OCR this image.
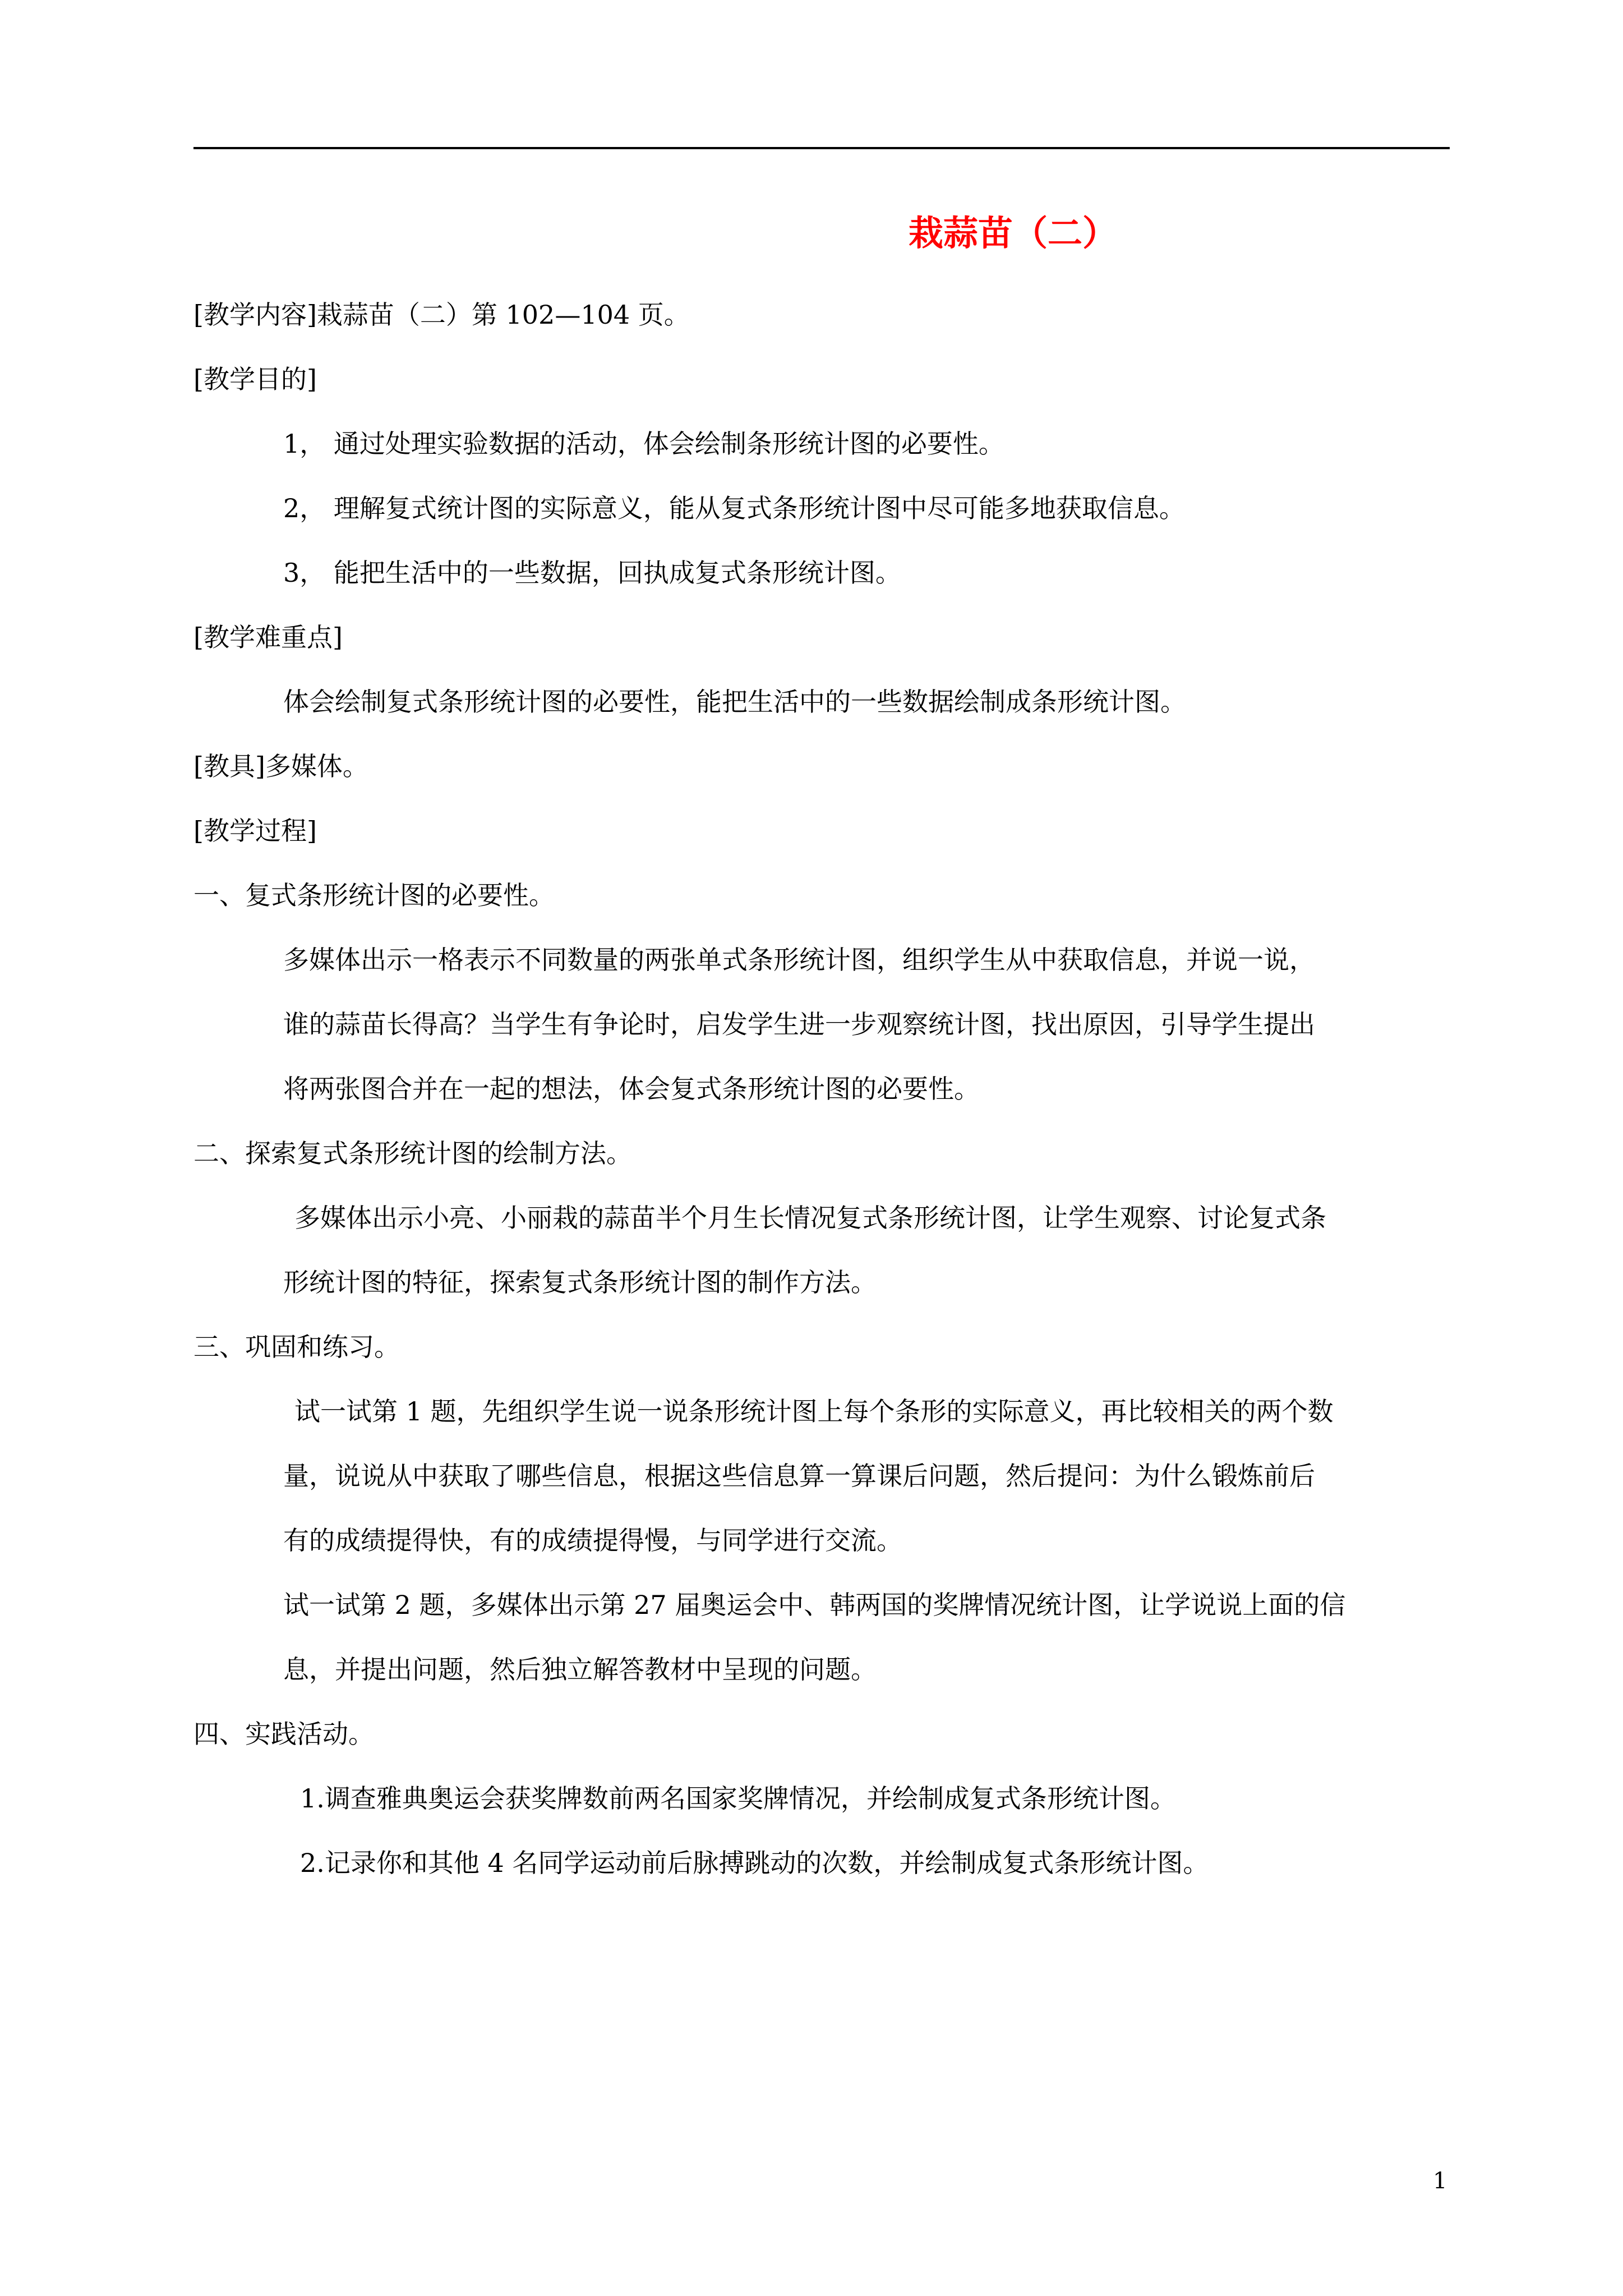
栽蒜苗（二）
[教学内容]栽蒜苗（二）第 102—104 页。
[教学目的]
1， 通过处理实验数据的活动，体会绘制条形统计图的必要性。
2， 理解复式统计图的实际意义，能从复式条形统计图中尽可能多地获取信息。
3， 能把生活中的一些数据，回执成复式条形统计图。
[教学难重点]
体会绘制复式条形统计图的必要性，能把生活中的一些数据绘制成条形统计图。
[教具]多媒体。
[教学过程]
一、复式条形统计图的必要性。
多媒体出示一格表示不同数量的两张单式条形统计图，组织学生从中获取信息，并说一说，
谁的蒜苗长得高？当学生有争论时，启发学生进一步观察统计图，找出原因，引导学生提出
将两张图合并在一起的想法，体会复式条形统计图的必要性。
二、探索复式条形统计图的绘制方法。
多媒体出示小亮、小丽栽的蒜苗半个月生长情况复式条形统计图，让学生观察、讨论复式条
形统计图的特征，探索复式条形统计图的制作方法。
三、巩固和练习。
试一试第 1 题，先组织学生说一说条形统计图上每个条形的实际意义，再比较相关的两个数
量，说说从中获取了哪些信息，根据这些信息算一算课后问题，然后提问：为什么锻炼前后
有的成绩提得快，有的成绩提得慢，与同学进行交流。
试一试第 2 题，多媒体出示第 27 届奥运会中、韩两国的奖牌情况统计图，让学说说上面的信
息，并提出问题，然后独立解答教材中呈现的问题。
四、实践活动。
1.调查雅典奥运会获奖牌数前两名国家奖牌情况，并绘制成复式条形统计图。
2.记录你和其他 4 名同学运动前后脉搏跳动的次数，并绘制成复式条形统计图。
1
